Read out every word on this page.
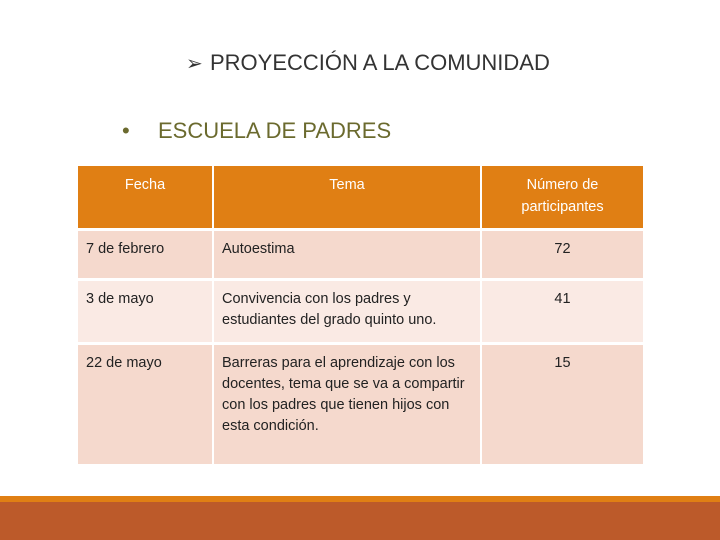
➢ PROYECCIÓN A LA COMUNIDAD
• ESCUELA DE PADRES
Fecha	Tema	Número de participantes
7 de febrero	Autoestima	72
3 de mayo	Convivencia con los padres y estudiantes del grado quinto uno.	41
22 de mayo	Barreras para el aprendizaje con los docentes, tema que se va a compartir con los padres que tienen hijos con esta condición.	15
